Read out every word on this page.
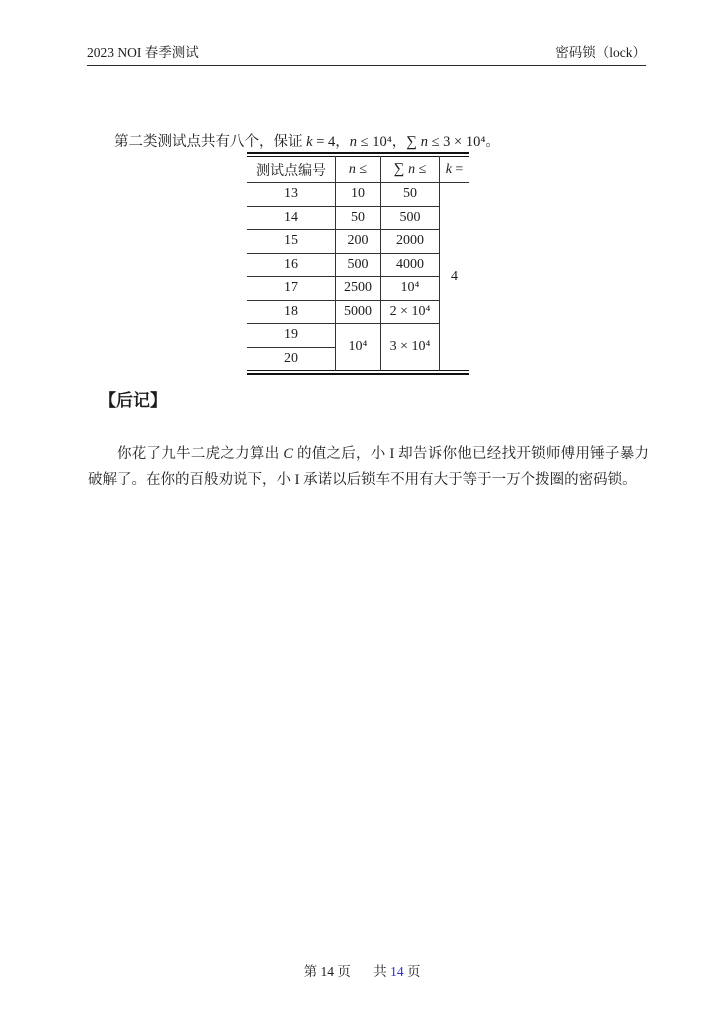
2023 NOI 春季测试	密码锁（lock）

第二类测试点共有八个，保证 k = 4，n ≤ 10⁴，∑ n ≤ 3 × 10⁴。

测试点编号	n ≤	∑ n ≤	k =
13	10	50	4
14	50	500	
15	200	2000	
16	500	4000	
17	2500	10⁴	
18	5000	2 × 10⁴	
19	10⁴	3 × 10⁴	
20			
【后记】

你花了九牛二虎之力算出 C 的值之后，小 I 却告诉你他已经找开锁师傅用锤子暴力破解了。在你的百般劝说下，小 I 承诺以后锁车不用有大于等于一万个拨圈的密码锁。

第 14 页 共 14 页
